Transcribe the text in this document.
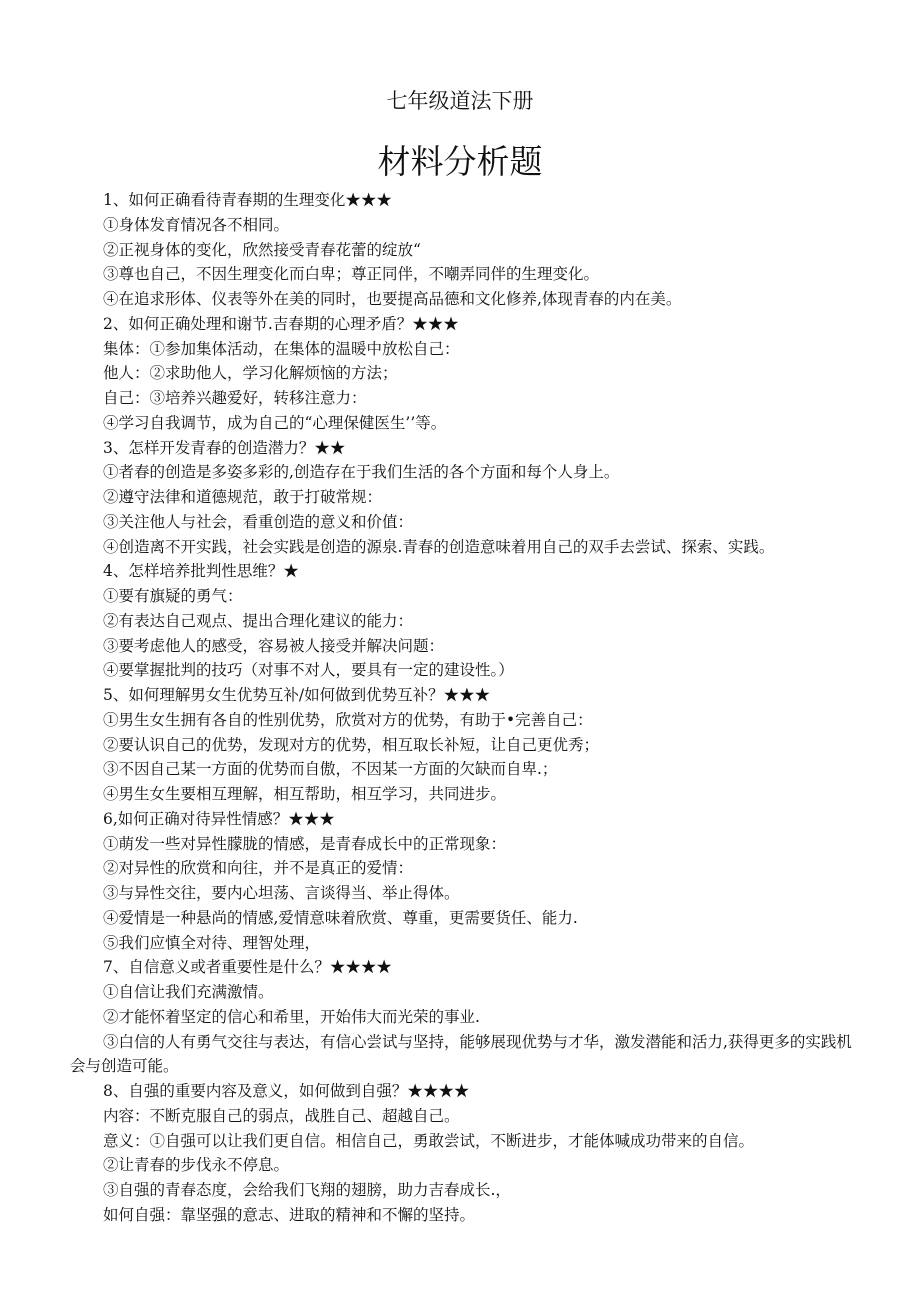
七年级道法下册
材料分析题
1、如何正确看待青春期的生理变化★★★
①身体发育情况各不相同。
②正视身体的变化，欣然接受青春花蕾的绽放“
③尊也自己，不因生理变化而白卑；尊正同伴，不嘲弄同伴的生理变化。
④在追求形体、仪表等外在美的同时，也要提高品德和文化修养,体现青春的内在美。
2、如何正确处理和谢节.吉春期的心理矛盾？★★★
集体：①参加集体活动，在集体的温暖中放松自己：
他人：②求助他人，学习化解烦恼的方法；
自己：③培养兴趣爱好，转移注意力：
④学习自我调节，成为自己的“心理保健医生’’等。
3、怎样开发青春的创造潜力？★★
①者春的创造是多姿多彩的,创造存在于我们生活的各个方面和每个人身上。
②遵守法律和道德规范，敢于打破常规：
③关注他人与社会，看重创造的意义和价值：
④创造离不开实践，社会实践是创造的源泉.青春的创造意味着用自己的双手去尝试、探索、实践。
4、怎样培养批判性思维？★
①要有旗疑的勇气：
②有表达自己观点、提出合理化建议的能力：
③要考虑他人的感受，容易被人接受并解决问题：
④要掌握批判的技巧（对事不对人，要具有一定的建设性。）
5、如何理解男女生优势互补/如何做到优势互补？★★★
①男生女生拥有各自的性别优势，欣赏对方的优势，有助于•完善自己：
②要认识自己的优势，发现对方的优势，相互取长补短，让自己更优秀；
③不因自己某一方面的优势而自傲，不因某一方面的欠缺而自卑.；
④男生女生要相互理解，相互帮助，相互学习，共同进步。
6,如何正确对待异性情感？★★★
①萌发一些对异性朦胧的情感，是青春成长中的正常现象：
②对异性的欣赏和向往，并不是真正的爱情：
③与异性交往，要内心坦荡、言谈得当、举止得体。
④爱情是一种悬尚的情感,爱情意味着欣赏、尊重，更需要货任、能力.
⑤我们应慎全对待、理智处理，
7、自信意义或者重要性是什么？★★★★
①自信让我们充满激情。
②才能怀着坚定的信心和希里，开始伟大而光荣的事业.
③白信的人有勇气交往与表达，有信心尝试与坚持，能够展现优势与才华，激发潜能和活力,获得更多的实践机会与创造可能。
8、自强的重要内容及意义，如何做到自强？★★★★
内容：不断克服自己的弱点，战胜自己、超越自己。
意义：①自强可以让我们更自信。相信自己，勇敢尝试，不断进步，才能体喊成功带来的自信。
②让青春的步伐永不停息。
③自强的青春态度，会给我们飞翔的翅膀，助力吉春成长.，
如何自强：靠坚强的意志、进取的精神和不懈的坚持。
